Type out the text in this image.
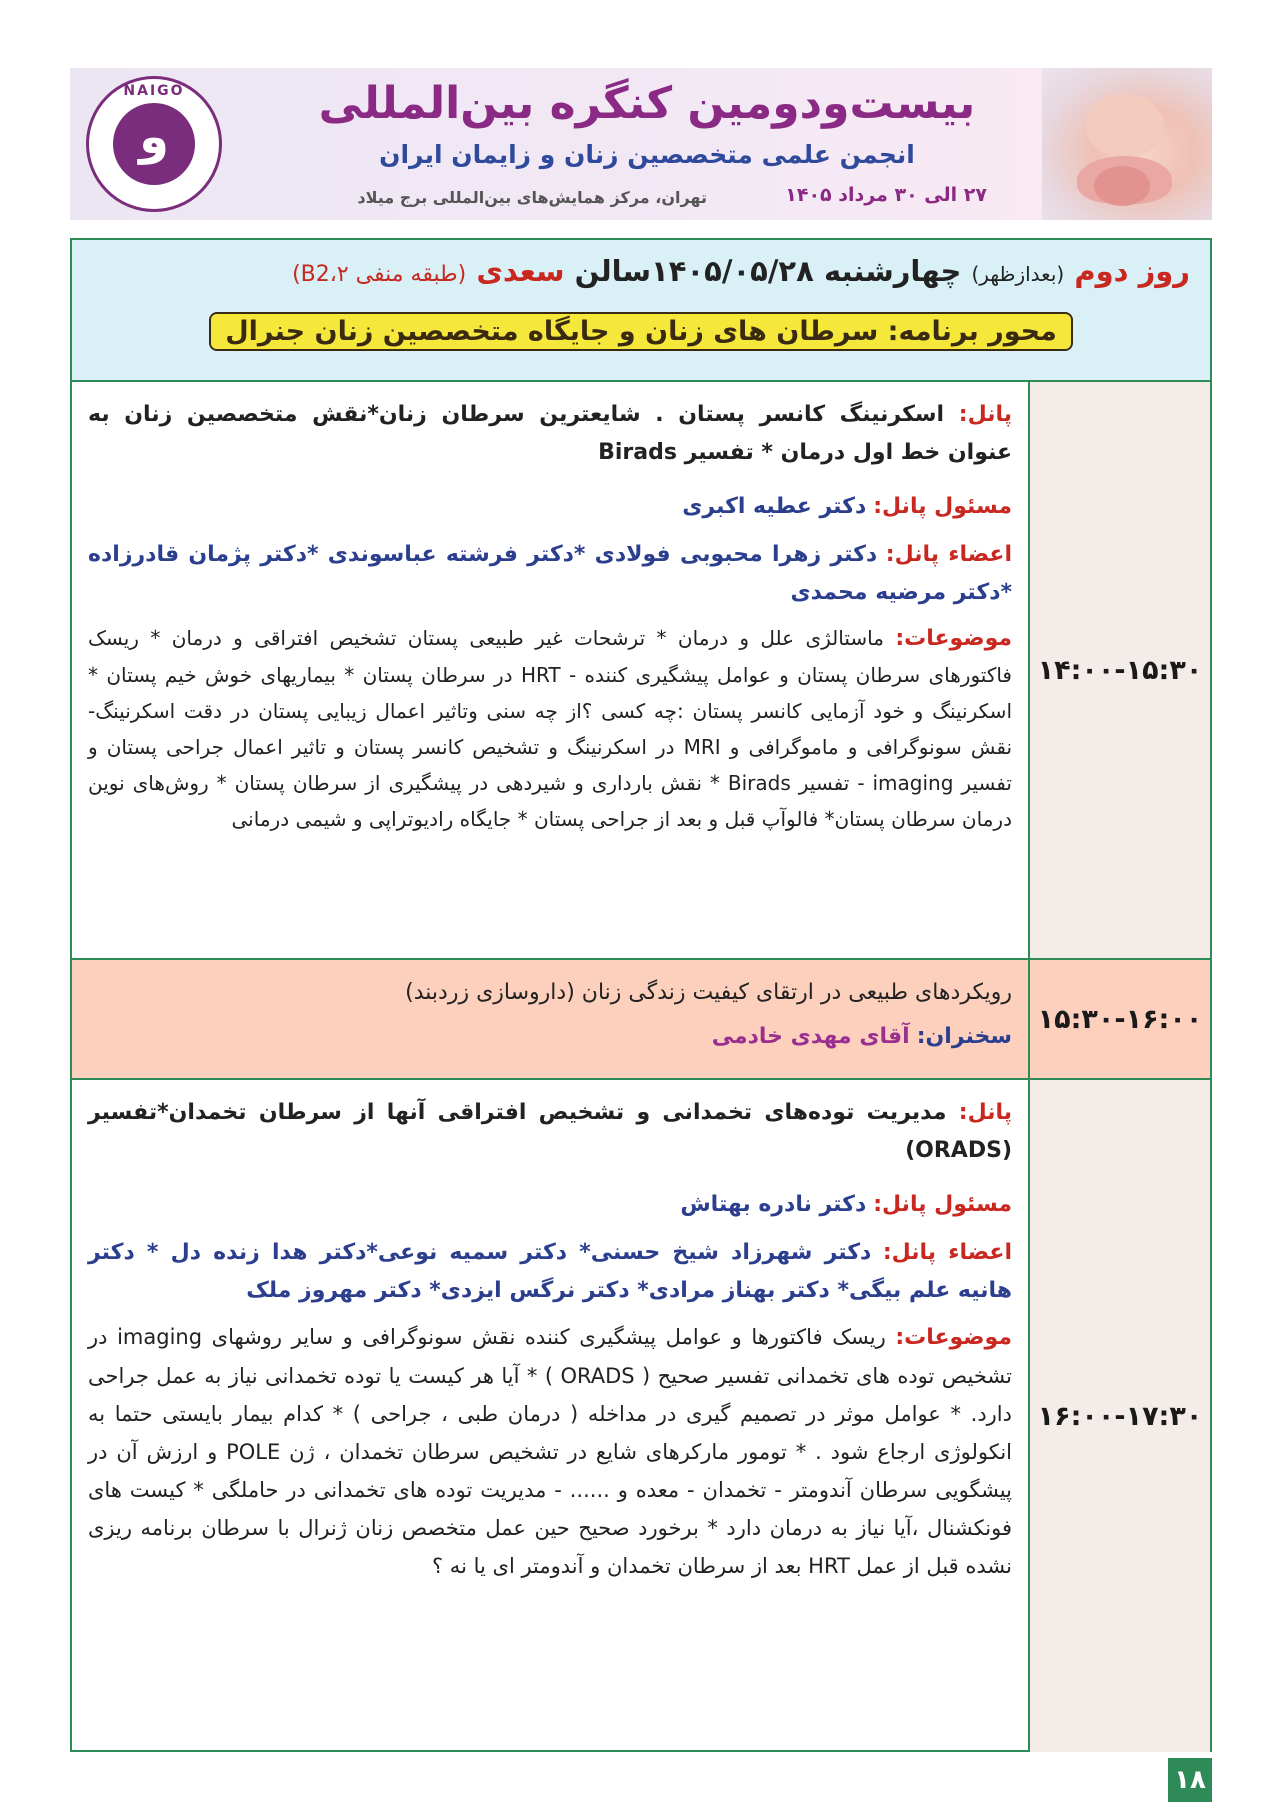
بیست‌ودومین کنگره بین‌المللی
انجمن علمی متخصصین زنان و زایمان ایران
۲۷ الی ۳۰ مرداد ۱۴۰۵
تهران، مرکز همایش‌های بین‌المللی برج میلاد
NAIGO
و
روز دوم (بعدازظهر) چهارشنبه ۱۴۰۵/۰۵/۲۸سالن سعدی (طبقه منفی B2،۲)
محور برنامه: سرطان های زنان و جایگاه متخصصین زنان جنرال
۱۴:۰۰-۱۵:۳۰
پانل: اسکرنینگ کانسر پستان . شایعترین سرطان زنان*نقش متخصصین زنان به عنوان خط اول درمان * تفسیر Birads
مسئول پانل: دکتر عطیه اکبری
اعضاء پانل: دکتر زهرا محبوبی فولادی *دکتر فرشته عباسوندی *دکتر پژمان قادرزاده *دکتر مرضیه محمدی
موضوعات: ماستالژی علل و درمان * ترشحات غیر طبیعی پستان تشخیص افتراقی و درمان * ریسک فاکتورهای سرطان پستان و عوامل پیشگیری کننده - HRT در سرطان پستان * بیماریهای خوش خیم پستان * اسکرنینگ و خود آزمایی کانسر پستان :چه کسی ؟از چه سنی وتاثیر اعمال زیبایی پستان در دقت اسکرنینگ- نقش سونوگرافی و ماموگرافی و MRI در اسکرنینگ و تشخیص کانسر پستان و تاثیر اعمال جراحی پستان و تفسیر imaging - تفسیر Birads * نقش بارداری و شیردهی در پیشگیری از سرطان پستان * روش‌های نوین درمان سرطان پستان* فالوآپ قبل و بعد از جراحی پستان * جایگاه رادیوتراپی و شیمی درمانی
۱۵:۳۰-۱۶:۰۰
رویکردهای طبیعی در ارتقای کیفیت زندگی زنان (داروسازی زردبند)
سخنران: آقای مهدی خادمی
۱۶:۰۰-۱۷:۳۰
پانل: مدیریت توده‌های تخمدانی و تشخیص افتراقی آنها از سرطان تخمدان*تفسیر (ORADS)
مسئول پانل: دکتر نادره بهتاش
اعضاء پانل: دکتر شهرزاد شیخ حسنی* دکتر سمیه نوعی*دکتر هدا زنده دل * دکتر هانیه علم بیگی* دکتر بهناز مرادی* دکتر نرگس ایزدی* دکتر مهروز ملک
موضوعات: ریسک فاکتورها و عوامل پیشگیری کننده نقش سونوگرافی و سایر روشهای imaging در تشخیص توده های تخمدانی تفسیر صحیح ( ORADS ) * آیا هر کیست یا توده تخمدانی نیاز به عمل جراحی دارد. * عوامل موثر در تصمیم گیری در مداخله ( درمان طبی ، جراحی ) * کدام بیمار بایستی حتما به انکولوژی ارجاع شود . * تومور مارکرهای شایع در تشخیص سرطان تخمدان ، ژن POLE و ارزش آن در پیشگویی سرطان آندومتر - تخمدان - معده و ...... - مدیریت توده های تخمدانی در حاملگی * کیست های فونکشنال ،آیا نیاز به درمان دارد * برخورد صحیح حین عمل متخصص زنان ژنرال با سرطان برنامه ریزی نشده قبل از عمل HRT بعد از سرطان تخمدان و آندومتر ای یا نه ؟
۱۸
